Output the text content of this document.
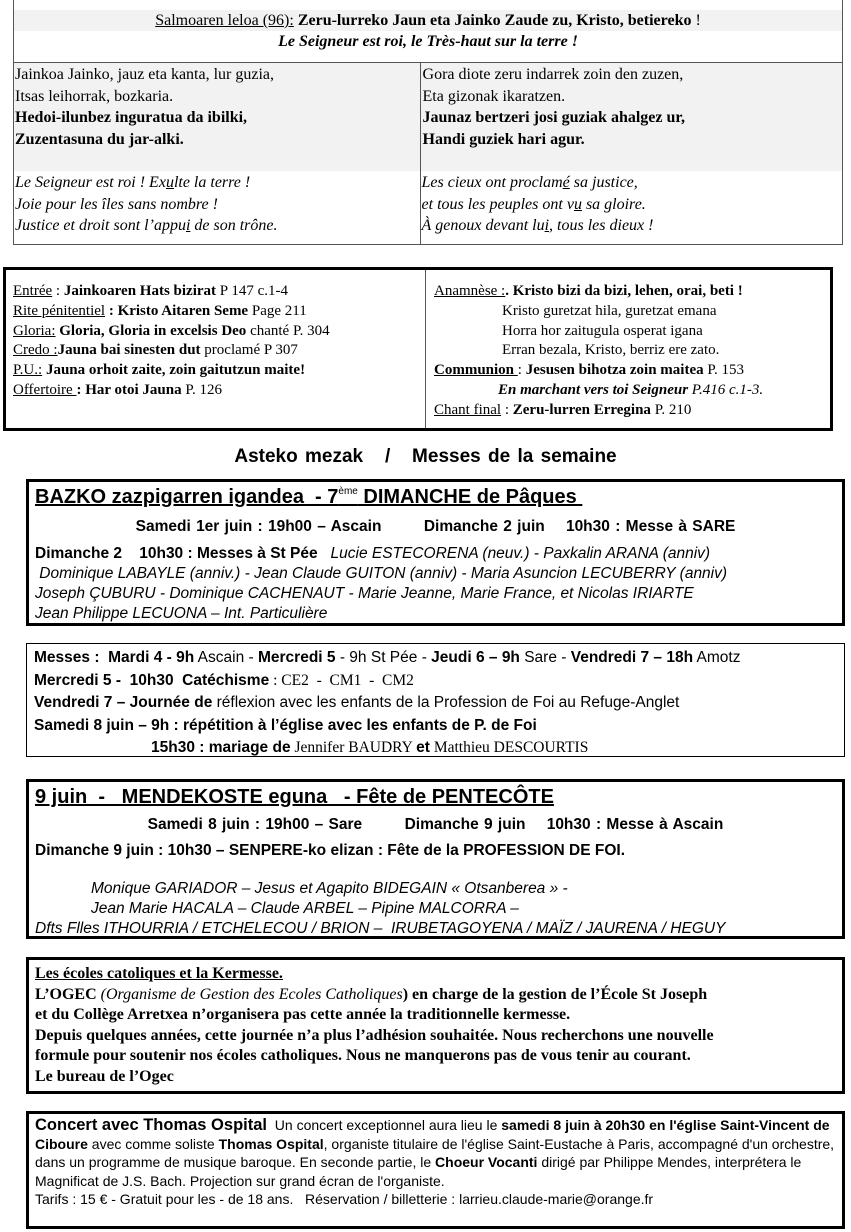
Salmoaren leloa (96): Zeru-lurreko Jaun eta Jainko Zaude zu, Kristo, betiereko !
Le Seigneur est roi, le Très-haut sur la terre !
Jainkoa Jainko, jauz eta kanta, lur guzia,
Itsas leihorrak, bozkaria.
Hedoi-ilunbez inguratua da ibilki,
Zuzentasuna du jar-alki.
Le Seigneur est roi ! Exulte la terre !
Joie pour les îles sans nombre !
Justice et droit sont l’appui de son trône.
Gora diote zeru indarrek zoin den zuzen,
Eta gizonak ikaratzen.
Jaunaz bertzeri josi guziak ahalgez ur,
Handi guziek hari agur.
Les cieux ont proclamé sa justice,
et tous les peuples ont vu sa gloire.
À genoux devant lui, tous les dieux !
Entrée : Jainkoaren Hats bizirat P 147 c.1-4
Rite pénitentiel : Kristo Aitaren Seme Page 211
Gloria: Gloria, Gloria in excelsis Deo chanté P. 304
Credo :Jauna bai sinesten dut proclamé P 307
P.U.: Jauna orhoit zaite, zoin gaitutzun maite!
Offertoire : Har otoi Jauna P. 126
Anamnèse :. Kristo bizi da bizi, lehen, orai, beti !
Kristo guretzat hila, guretzat emana
Horra hor zaitugula osperat igana
Erran bezala, Kristo, berriz ere zato.
Communion : Jesusen bihotza zoin maitea P. 153
En marchant vers toi Seigneur P.416 c.1-3.
Chant final : Zeru-lurren Erregina P. 210
Asteko mezak   /   Messes de la semaine
BAZKO zazpigarren igandea  - 7ème DIMANCHE de Pâques
Samedi 1er juin : 19h00 – Ascain        Dimanche 2 juin    10h30 : Messe à SARE
Dimanche 2    10h30 : Messes à St Pée   Lucie ESTECORENA (neuv.) - Paxkalin ARANA (anniv)
Dominique LABAYLE (anniv.) - Jean Claude GUITON (anniv) - Maria Asuncion LECUBERRY (anniv)
Joseph ÇUBURU - Dominique CACHENAUT - Marie Jeanne, Marie France, et Nicolas IRIARTE
Jean Philippe LECUONA – Int. Particulière
Messes :  Mardi 4 - 9h Ascain - Mercredi 5 - 9h St Pée - Jeudi 6 – 9h Sare - Vendredi 7 – 18h Amotz
Mercredi 5 -  10h30  Catéchisme : CE2  -  CM1  -  CM2
Vendredi 7 – Journée de réflexion avec les enfants de la Profession de Foi au Refuge-Anglet
Samedi 8 juin – 9h : répétition à l’église avec les enfants de P. de Foi
15h30 : mariage de Jennifer BAUDRY et Matthieu DESCOURTIS
9 juin  -   MENDEKOSTE eguna   - Fête de PENTECÔTE
Samedi 8 juin : 19h00 – Sare        Dimanche 9 juin    10h30 : Messe à Ascain
Dimanche 9 juin : 10h30 – SENPERE-ko elizan : Fête de la PROFESSION DE FOI.
Monique GARIADOR – Jesus et Agapito BIDEGAIN « Otsanberea » -
Jean Marie HACALA – Claude ARBEL – Pipine MALCORRA –
Dfts Flles ITHOURRIA / ETCHELECOU / BRION –  IRUBETAGOYENA / MAÏZ / JAURENA / HEGUY
Les écoles catoliques et la Kermesse.
L’OGEC (Organisme de Gestion des Ecoles Catholiques) en charge de la gestion de l’École St Joseph
et du Collège Arretxea n’organisera pas cette année la traditionnelle kermesse.
Depuis quelques années, cette journée n’a plus l’adhésion souhaitée. Nous recherchons une nouvelle
formule pour soutenir nos écoles catholiques. Nous ne manquerons pas de vous tenir au courant.
Le bureau de l’Ogec
Concert avec Thomas Ospital  Un concert exceptionnel aura lieu le samedi 8 juin à 20h30 en l'église Saint-Vincent de Ciboure avec comme soliste Thomas Ospital, organiste titulaire de l'église Saint-Eustache à Paris, accompagné d'un orchestre, dans un programme de musique baroque. En seconde partie, le Choeur Vocanti dirigé par Philippe Mendes, interprétera le Magnificat de J.S. Bach. Projection sur grand écran de l'organiste.
Tarifs : 15 € - Gratuit pour les - de 18 ans.   Réservation / billetterie : larrieu.claude-marie@orange.fr
